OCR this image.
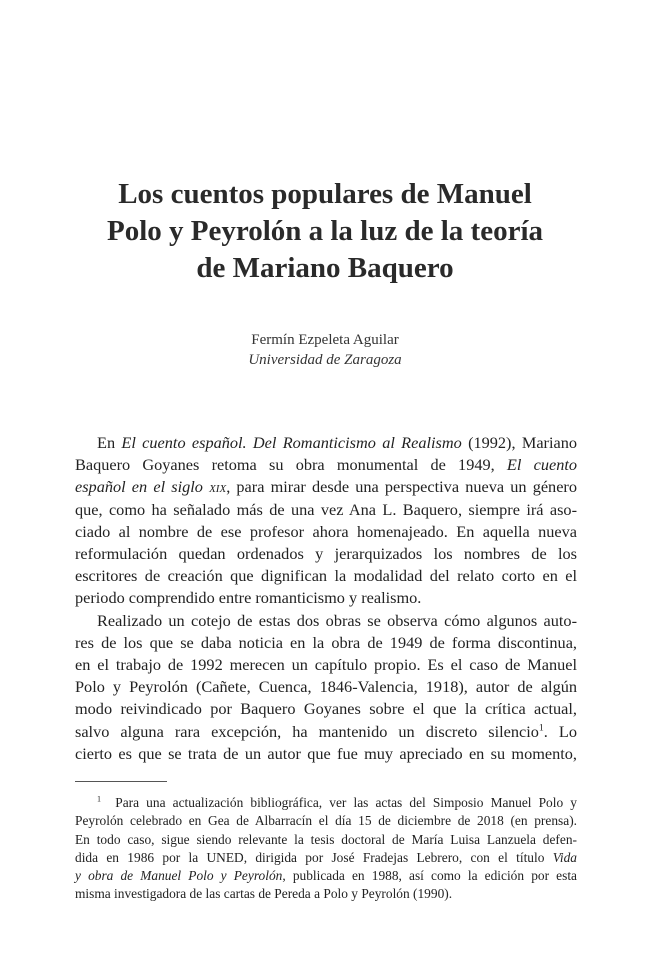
Los cuentos populares de Manuel
Polo y Peyrolón a la luz de la teoría
de Mariano Baquero
Fermín Ezpeleta Aguilar
Universidad de Zaragoza
En El cuento español. Del Romanticismo al Realismo (1992), Mariano
Baquero Goyanes retoma su obra monumental de 1949, El cuento
español en el siglo xix, para mirar desde una perspectiva nueva un género
que, como ha señalado más de una vez Ana L. Baquero, siempre irá aso-
ciado al nombre de ese profesor ahora homenajeado. En aquella nueva
reformulación quedan ordenados y jerarquizados los nombres de los
escritores de creación que dignifican la modalidad del relato corto en el
periodo comprendido entre romanticismo y realismo.
Realizado un cotejo de estas dos obras se observa cómo algunos auto-
res de los que se daba noticia en la obra de 1949 de forma discontinua,
en el trabajo de 1992 merecen un capítulo propio. Es el caso de Manuel
Polo y Peyrolón (Cañete, Cuenca, 1846-Valencia, 1918), autor de algún
modo reivindicado por Baquero Goyanes sobre el que la crítica actual,
salvo alguna rara excepción, ha mantenido un discreto silencio$^1$. Lo
cierto es que se trata de un autor que fue muy apreciado en su momento,
$^1$ Para una actualización bibliográfica, ver las actas del Simposio Manuel Polo y
Peyrolón celebrado en Gea de Albarracín el día 15 de diciembre de 2018 (en prensa).
En todo caso, sigue siendo relevante la tesis doctoral de María Luisa Lanzuela defen-
dida en 1986 por la UNED, dirigida por José Fradejas Lebrero, con el título Vida
y obra de Manuel Polo y Peyrolón, publicada en 1988, así como la edición por esta
misma investigadora de las cartas de Pereda a Polo y Peyrolón (1990).
